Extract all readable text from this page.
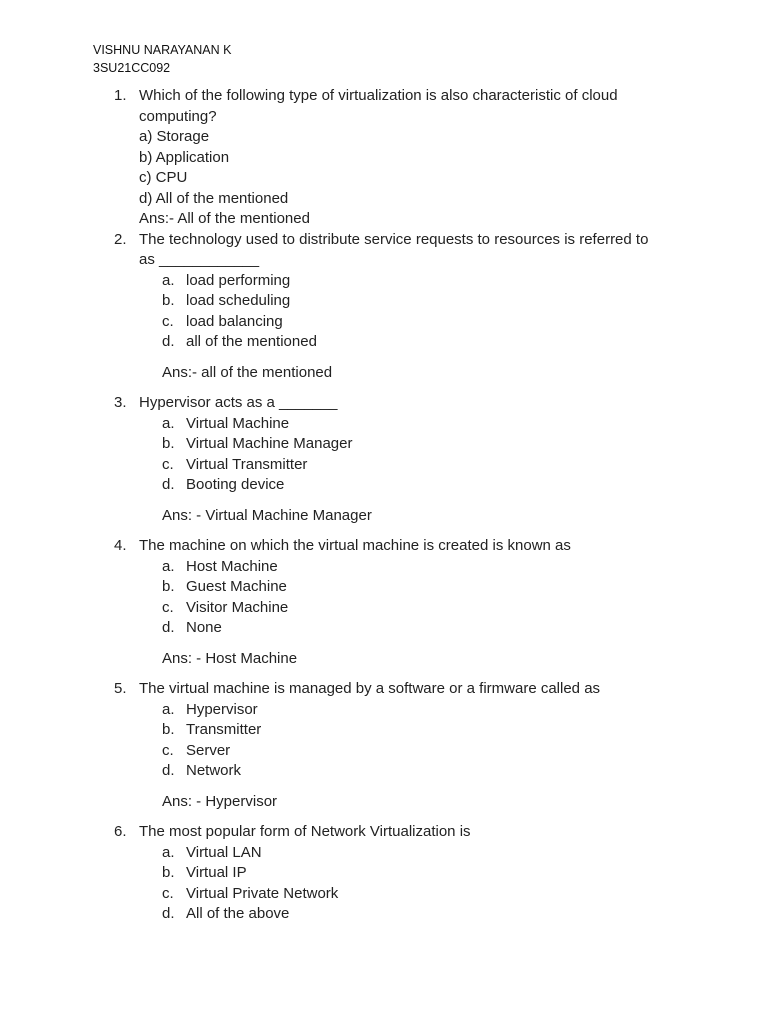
VISHNU NARAYANAN K
3SU21CC092
1. Which of the following type of virtualization is also characteristic of cloud
computing?
a) Storage
b) Application
c) CPU
d) All of the mentioned
Ans:- All of the mentioned
2. The technology used to distribute service requests to resources is referred to
as ____________
a. load performing
b. load scheduling
c. load balancing
d. all of the mentioned
Ans:- all of the mentioned
3. Hypervisor acts as a _______
a. Virtual Machine
b. Virtual Machine Manager
c. Virtual Transmitter
d. Booting device
Ans: - Virtual Machine Manager
4. The machine on which the virtual machine is created is known as
a. Host Machine
b. Guest Machine
c. Visitor Machine
d. None
Ans: - Host Machine
5. The virtual machine is managed by a software or a firmware called as
a. Hypervisor
b. Transmitter
c. Server
d. Network
Ans: - Hypervisor
6. The most popular form of Network Virtualization is
a. Virtual LAN
b. Virtual IP
c. Virtual Private Network
d. All of the above
